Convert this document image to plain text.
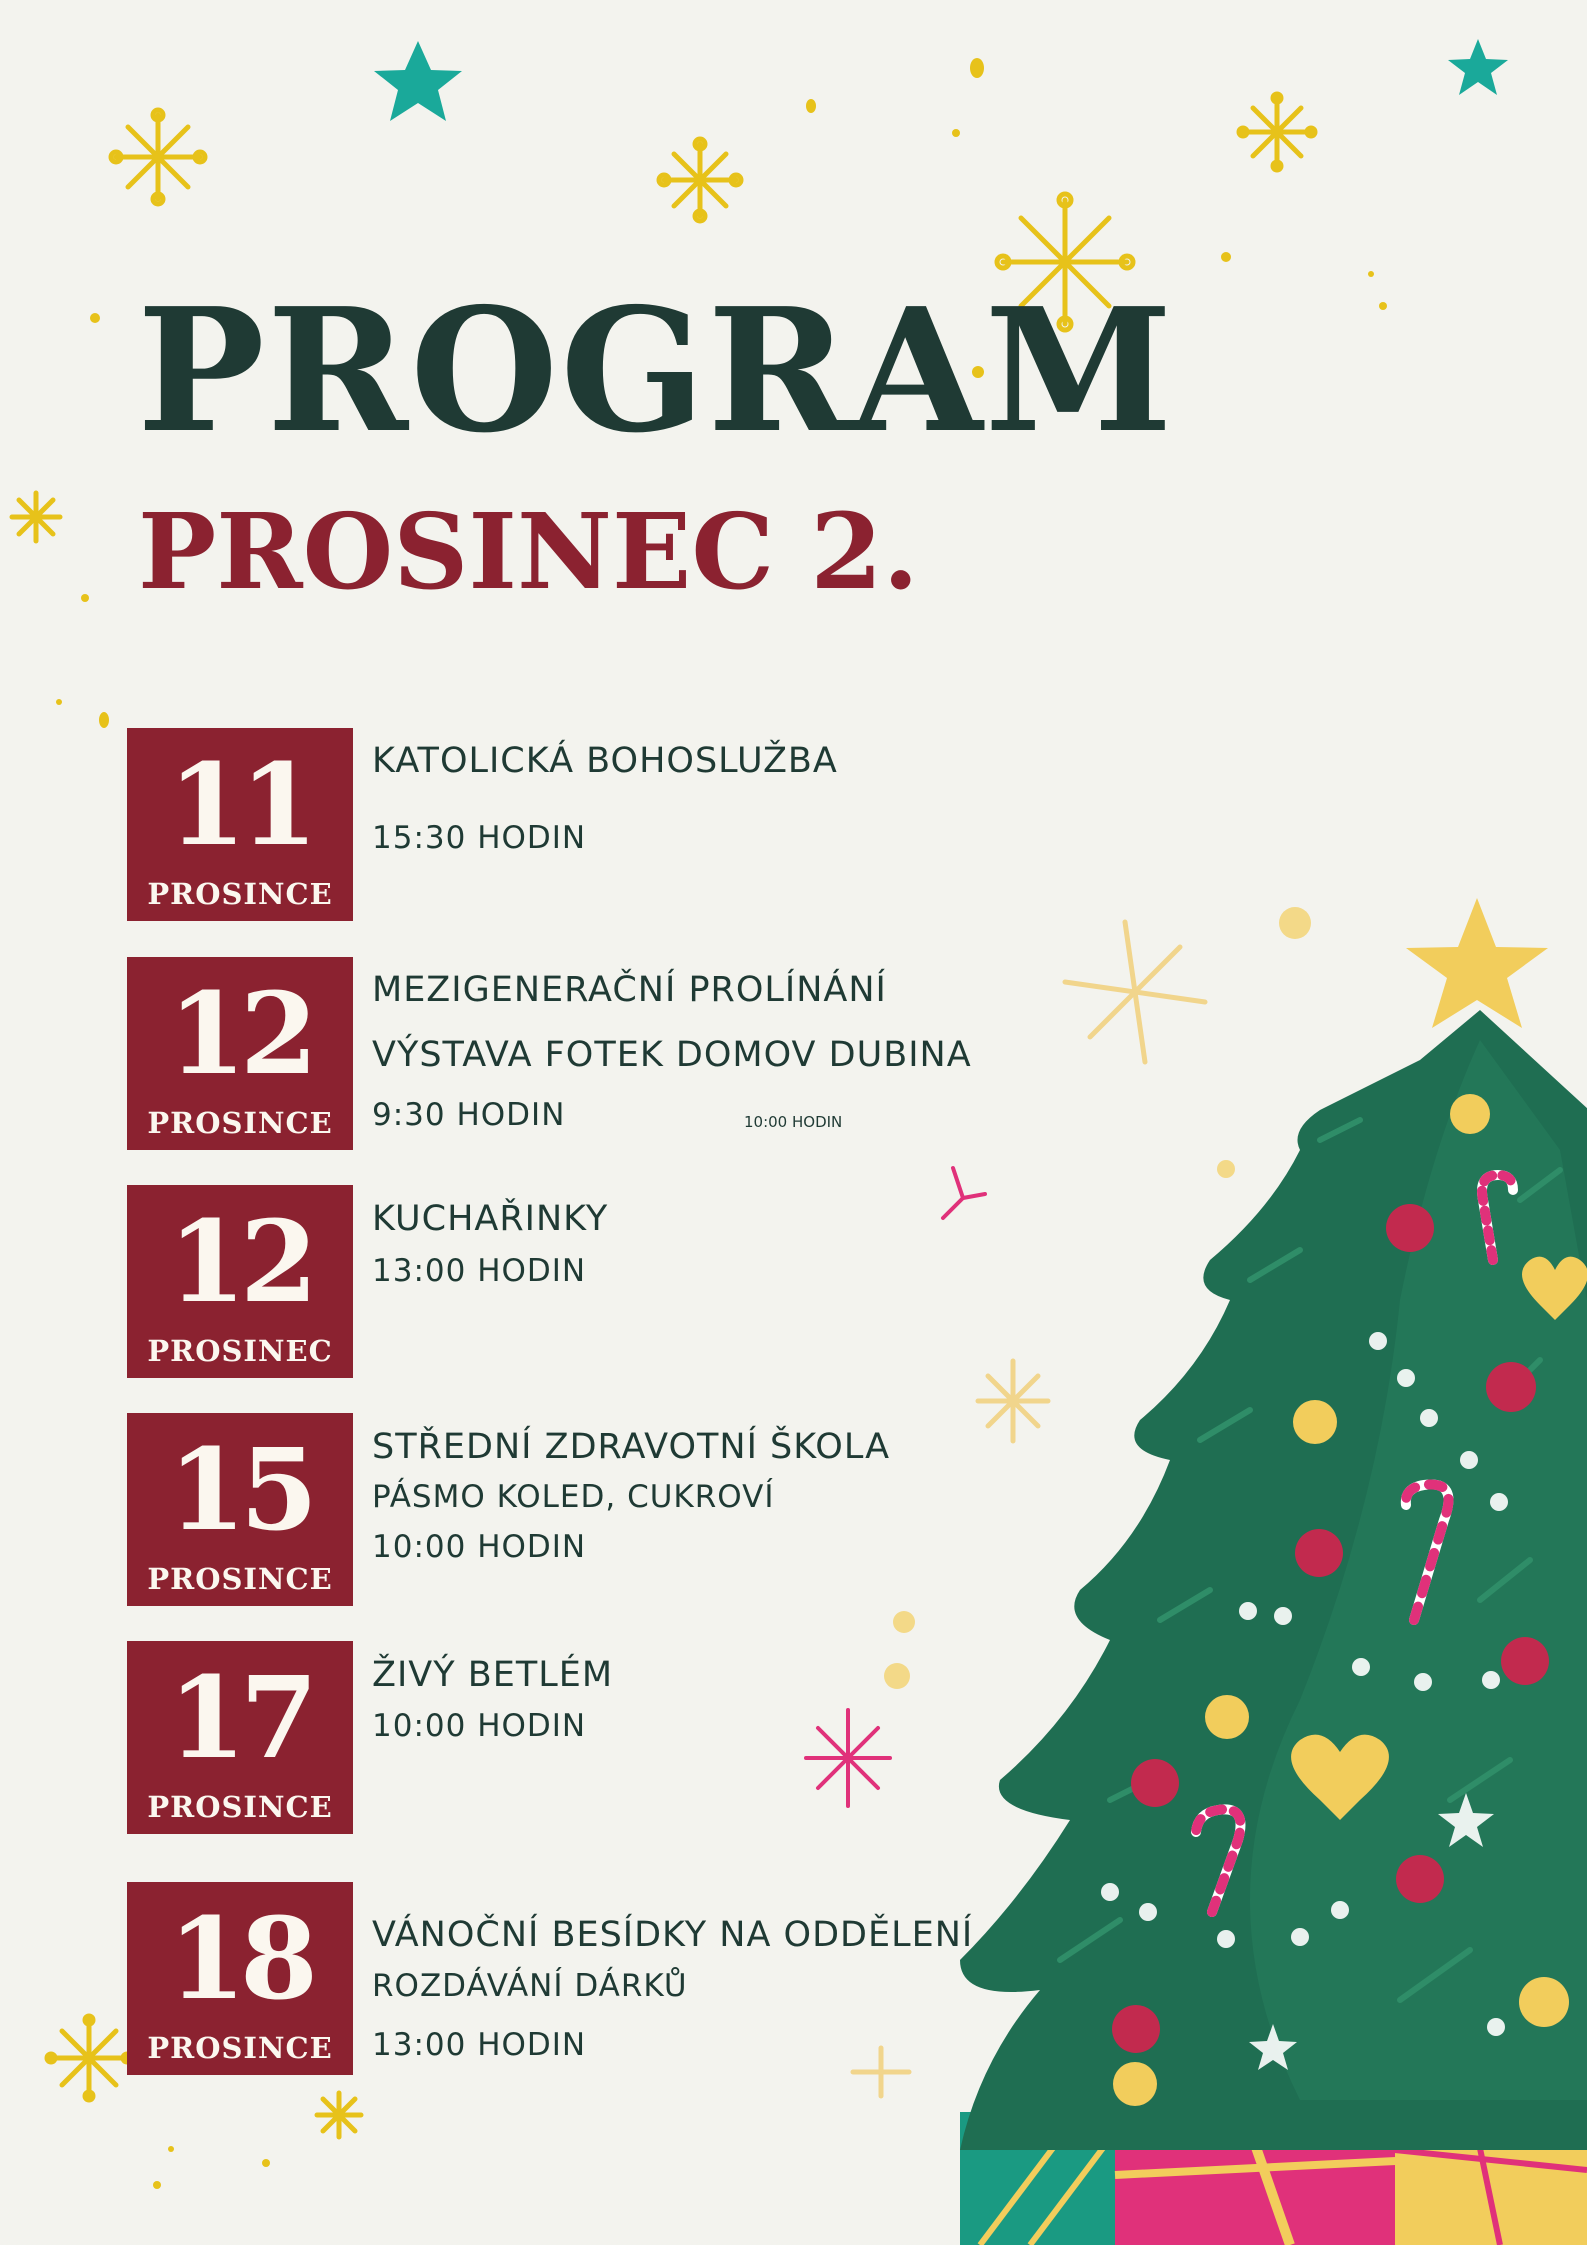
PROGRAM
PROSINEC 2.
11
PROSINCE

KATOLICKÁ BOHOSLUŽBA

15:30 HODIN

12
PROSINCE

MEZIGENERAČNÍ PROLÍNÁNÍ

VÝSTAVA FOTEK DOMOV DUBINA

9:30 HODIN	10:00 HODIN
12
PROSINEC

KUCHAŘINKY

13:00 HODIN

15
PROSINCE

STŘEDNÍ ZDRAVOTNÍ ŠKOLA

PÁSMO KOLED, CUKROVÍ

10:00 HODIN

17
PROSINCE

ŽIVÝ BETLÉM

10:00 HODIN

18
PROSINCE

VÁNOČNÍ BESÍDKY NA ODDĚLENÍ

ROZDÁVÁNÍ DÁRKŮ

13:00 HODIN
